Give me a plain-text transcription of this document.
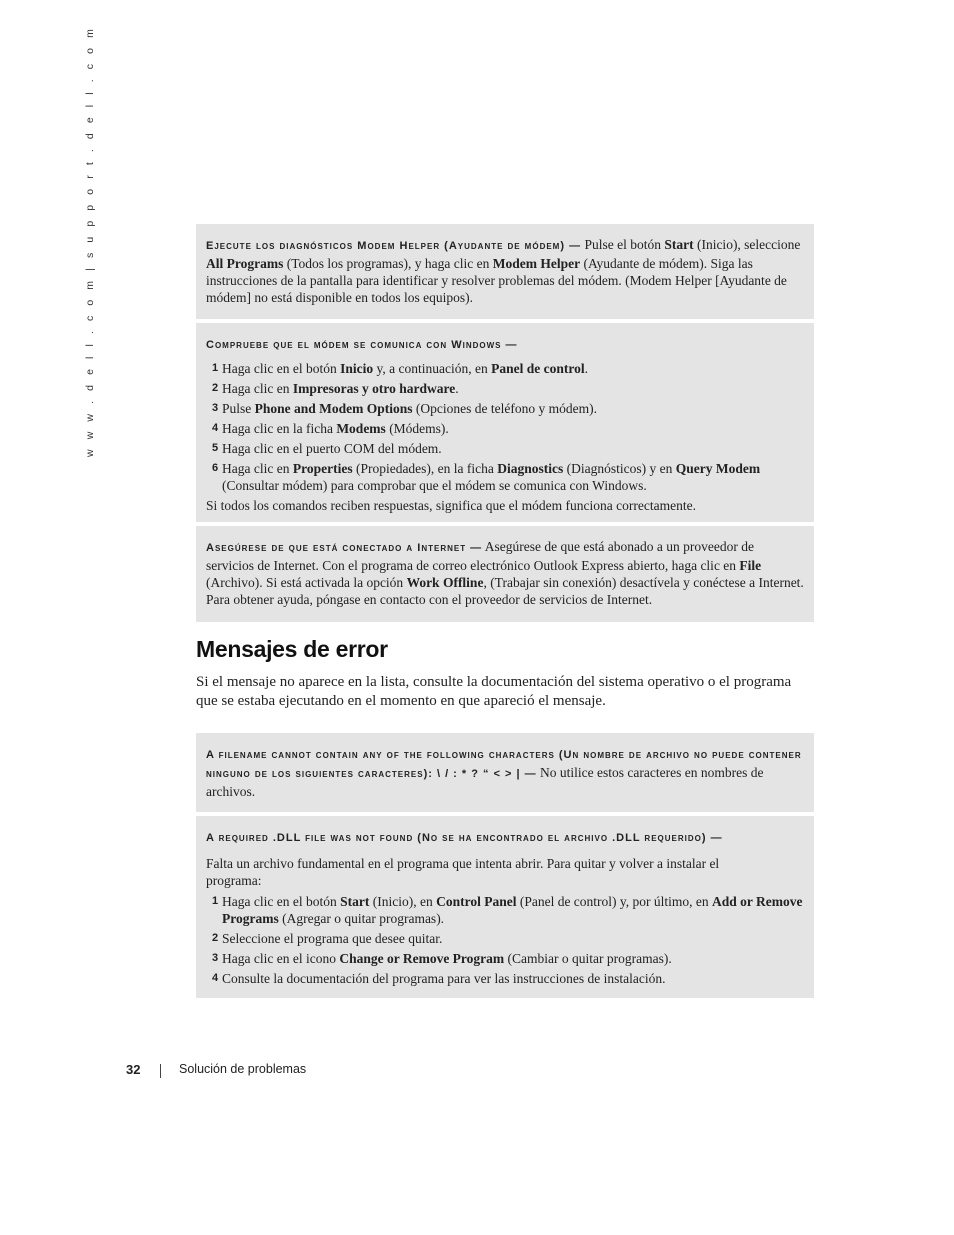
w w w . d e l l . c o m | s u p p o r t . d e l l . c o m	Ejecute los diagnósticos Modem Helper (Ayudante de módem) — Pulse el botón Start (Inicio), seleccione All Programs (Todos los programas), y haga clic en Modem Helper (Ayudante de módem). Siga las instrucciones de la pantalla para identificar y resolver problemas del módem. (Modem Helper [Ayudante de módem] no está disponible en todos los equipos).

Compruebe que el módem se comunica con Windows —

1 Haga clic en el botón Inicio y, a continuación, en Panel de control.
2 Haga clic en Impresoras y otro hardware.
3 Pulse Phone and Modem Options (Opciones de teléfono y módem).
4 Haga clic en la ficha Modems (Módems).
5 Haga clic en el puerto COM del módem.
6 Haga clic en Properties (Propiedades), en la ficha Diagnostics (Diagnósticos) y en Query Modem (Consultar módem) para comprobar que el módem se comunica con Windows.

Si todos los comandos reciben respuestas, significa que el módem funciona correctamente.

Asegúrese de que está conectado a Internet — Asegúrese de que está abonado a un proveedor de servicios de Internet. Con el programa de correo electrónico Outlook Express abierto, haga clic en File (Archivo). Si está activada la opción Work Offline, (Trabajar sin conexión) desactívela y conéctese a Internet. Para obtener ayuda, póngase en contacto con el proveedor de servicios de Internet.

Mensajes de error

Si el mensaje no aparece en la lista, consulte la documentación del sistema operativo o el programa que se estaba ejecutando en el momento en que apareció el mensaje.

A filename cannot contain any of the following characters (Un nombre de archivo no puede contener ninguno de los siguientes caracteres): \ / : * ? “ < > | — No utilice estos caracteres en nombres de archivos.

A required .DLL file was not found (No se ha encontrado el archivo .DLL requerido) —

Falta un archivo fundamental en el programa que intenta abrir. Para quitar y volver a instalar el programa:

1 Haga clic en el botón Start (Inicio), en Control Panel (Panel de control) y, por último, en Add or Remove Programs (Agregar o quitar programas).
2 Seleccione el programa que desee quitar.
3 Haga clic en el icono Change or Remove Program (Cambiar o quitar programas).
4 Consulte la documentación del programa para ver las instrucciones de instalación.
32	Solución de problemas
